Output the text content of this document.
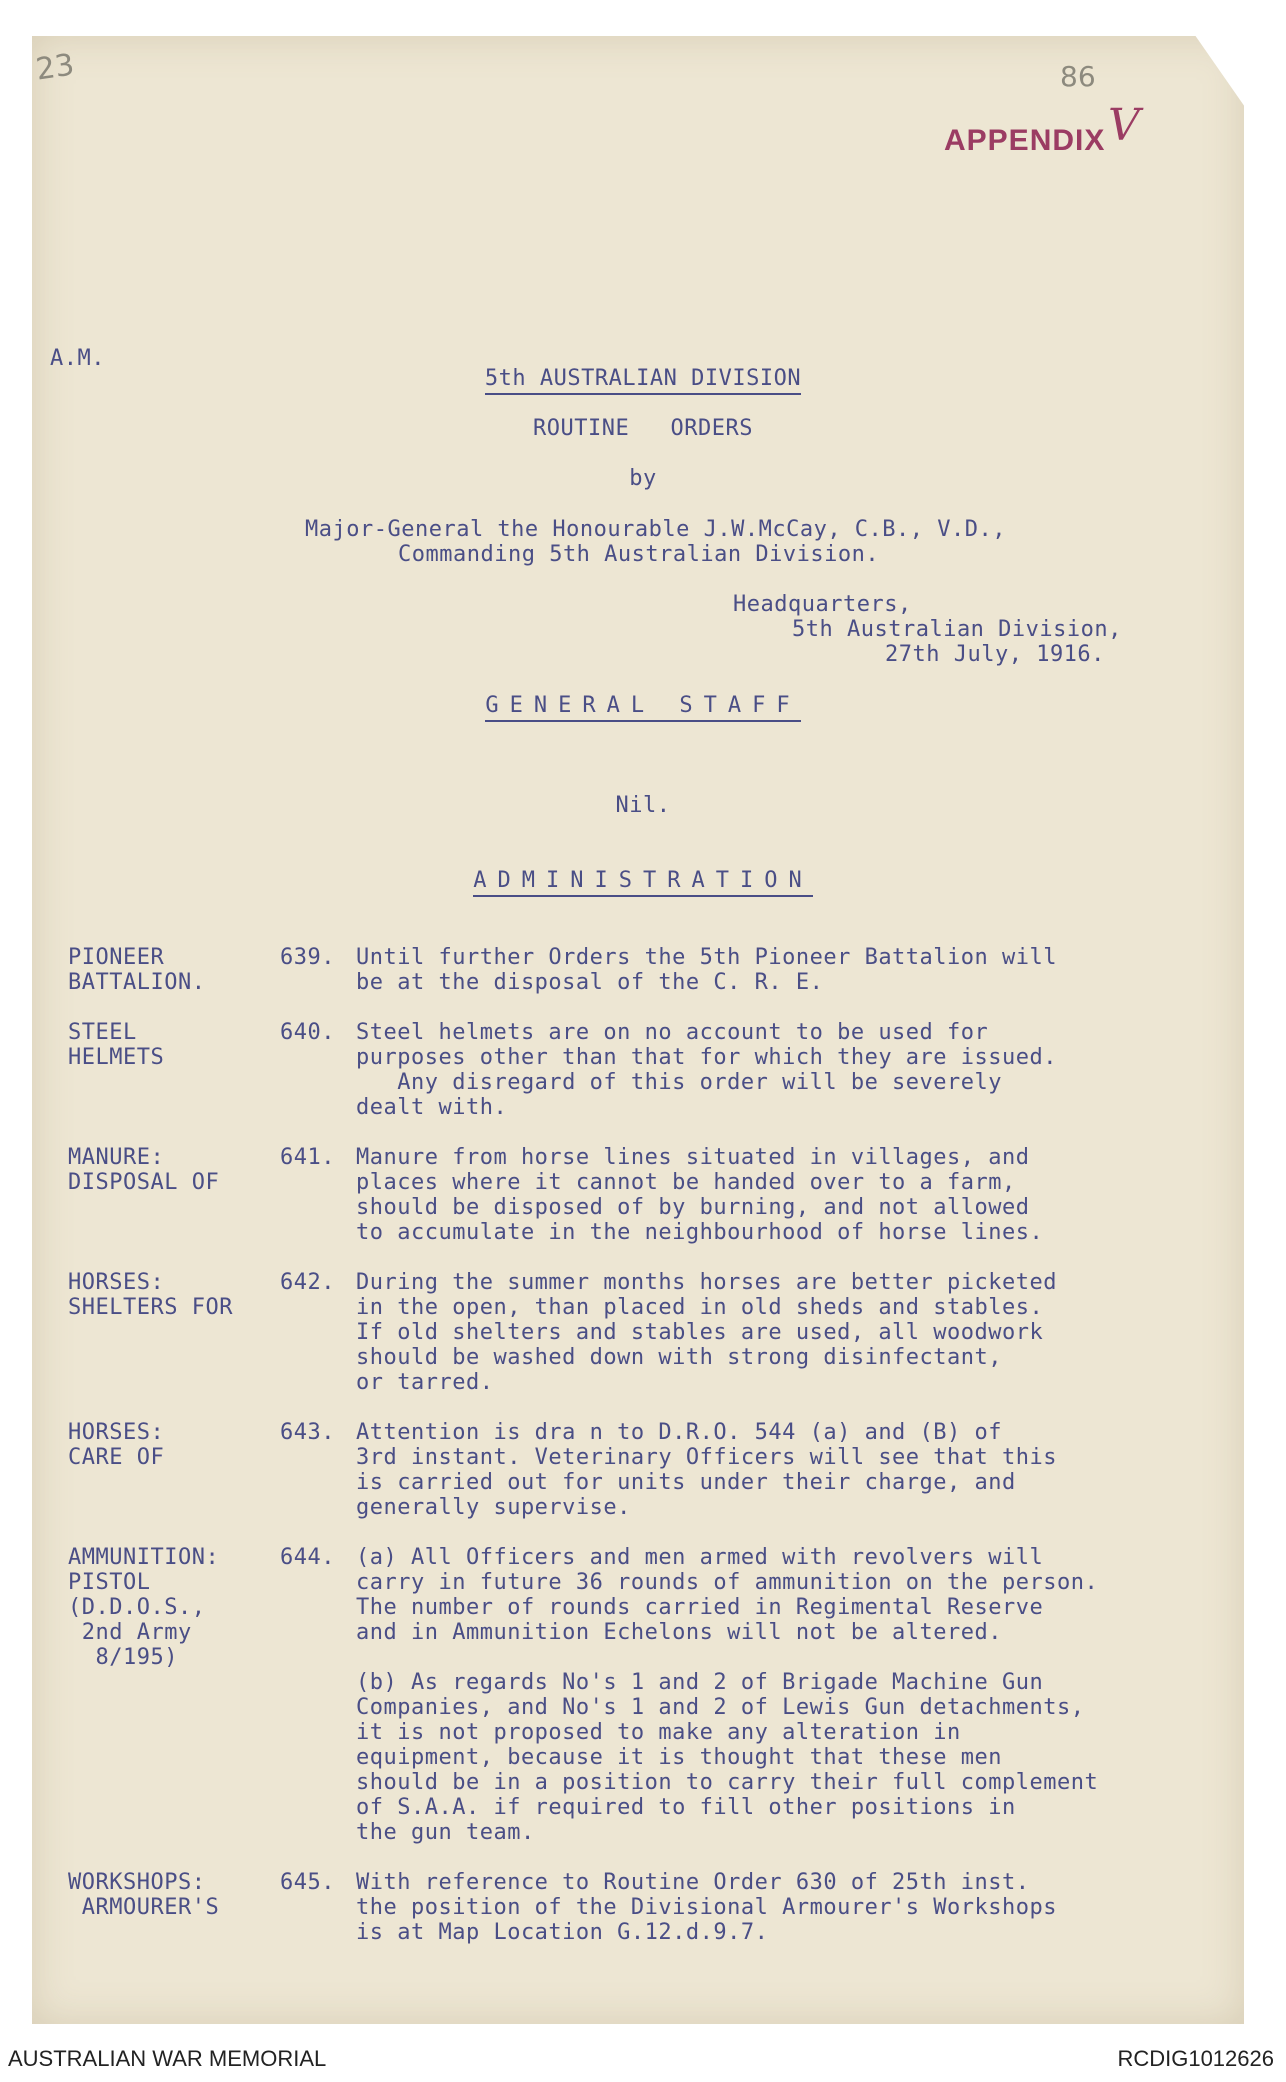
23	86
APPENDIX V
A.M.
5th AUSTRALIAN DIVISION
ROUTINE   ORDERS
by
Major-General the Honourable J.W.McCay, C.B., V.D.,
Commanding 5th Australian Division.
Headquarters,
5th Australian Division,
27th July, 1916.
GENERAL STAFF
Nil.
ADMINISTRATION
PIONEER
BATTALION.
639. Until further Orders the 5th Pioneer Battalion will
be at the disposal of the C. R. E.
STEEL
HELMETS
640. Steel helmets are on no account to be used for
purposes other than that for which they are issued.
Any disregard of this order will be severely
dealt with.
MANURE:
DISPOSAL OF
641. Manure from horse lines situated in villages, and
places where it cannot be handed over to a farm,
should be disposed of by burning, and not allowed
to accumulate in the neighbourhood of horse lines.
HORSES:
SHELTERS FOR
642. During the summer months horses are better picketed
in the open, than placed in old sheds and stables.
If old shelters and stables are used, all woodwork
should be washed down with strong disinfectant,
or tarred.
HORSES:
CARE OF
643. Attention is dra n to D.R.O. 544 (a) and (B) of
3rd instant. Veterinary Officers will see that this
is carried out for units under their charge, and
generally supervise.
AMMUNITION:
PISTOL
(D.D.O.S.,
2nd Army
8/195)
644. (a) All Officers and men armed with revolvers will
carry in future 36 rounds of ammunition on the person.
The number of rounds carried in Regimental Reserve
and in Ammunition Echelons will not be altered.
(b) As regards No's 1 and 2 of Brigade Machine Gun
Companies, and No's 1 and 2 of Lewis Gun detachments,
it is not proposed to make any alteration in
equipment, because it is thought that these men
should be in a position to carry their full complement
of S.A.A. if required to fill other positions in
the gun team.
WORKSHOPS:
ARMOURER'S
645. With reference to Routine Order 630 of 25th inst.
the position of the Divisional Armourer's Workshops
is at Map Location G.12.d.9.7.
AUSTRALIAN WAR MEMORIAL	RCDIG1012626
